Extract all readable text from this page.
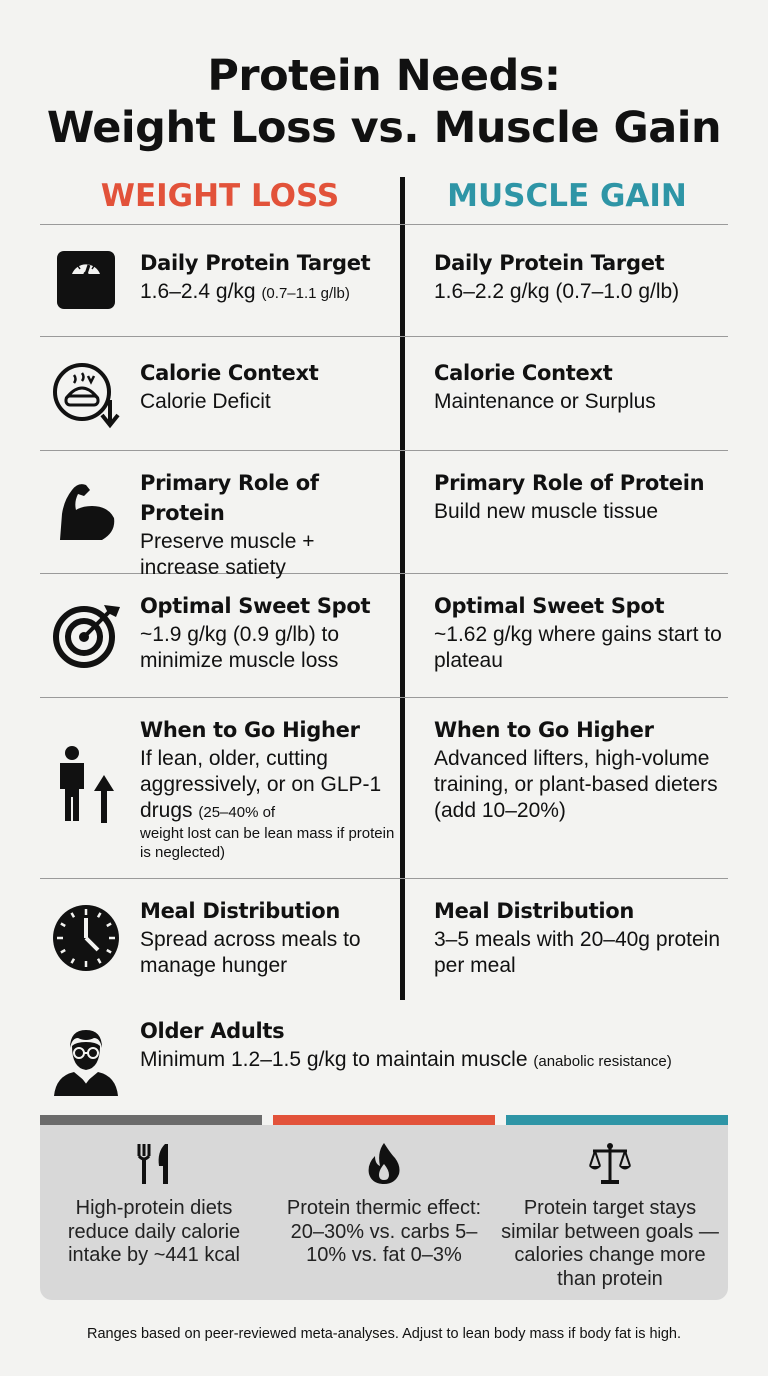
Protein Needs:
Weight Loss vs. Muscle Gain
WEIGHT LOSS	MUSCLE GAIN
Daily Protein Target
1.6–2.4 g/kg (0.7–1.1 g/lb)
Daily Protein Target
1.6–2.2 g/kg (0.7–1.0 g/lb)
Calorie Context
Calorie Deficit
Calorie Context
Maintenance or Surplus
Primary Role of Protein
Preserve muscle + increase satiety
Primary Role of Protein
Build new muscle tissue
Optimal Sweet Spot
~1.9 g/kg (0.9 g/lb) to minimize muscle loss
Optimal Sweet Spot
~1.62 g/kg where gains start to plateau
When to Go Higher
If lean, older, cutting aggressively, or on GLP-1 drugs (25–40% of
weight lost can be lean mass if protein is neglected)
When to Go Higher
Advanced lifters, high-volume training, or plant-based dieters (add 10–20%)
Meal Distribution
Spread across meals to manage hunger
Meal Distribution
3–5 meals with 20–40g protein per meal
Older Adults
Minimum 1.2–1.5 g/kg to maintain muscle (anabolic resistance)
High-protein diets reduce daily calorie intake by ~441 kcal
Protein thermic effect: 20–30% vs. carbs 5–10% vs. fat 0–3%
Protein target stays similar between goals — calories change more than protein
Ranges based on peer-reviewed meta-analyses. Adjust to lean body mass if body fat is high.
